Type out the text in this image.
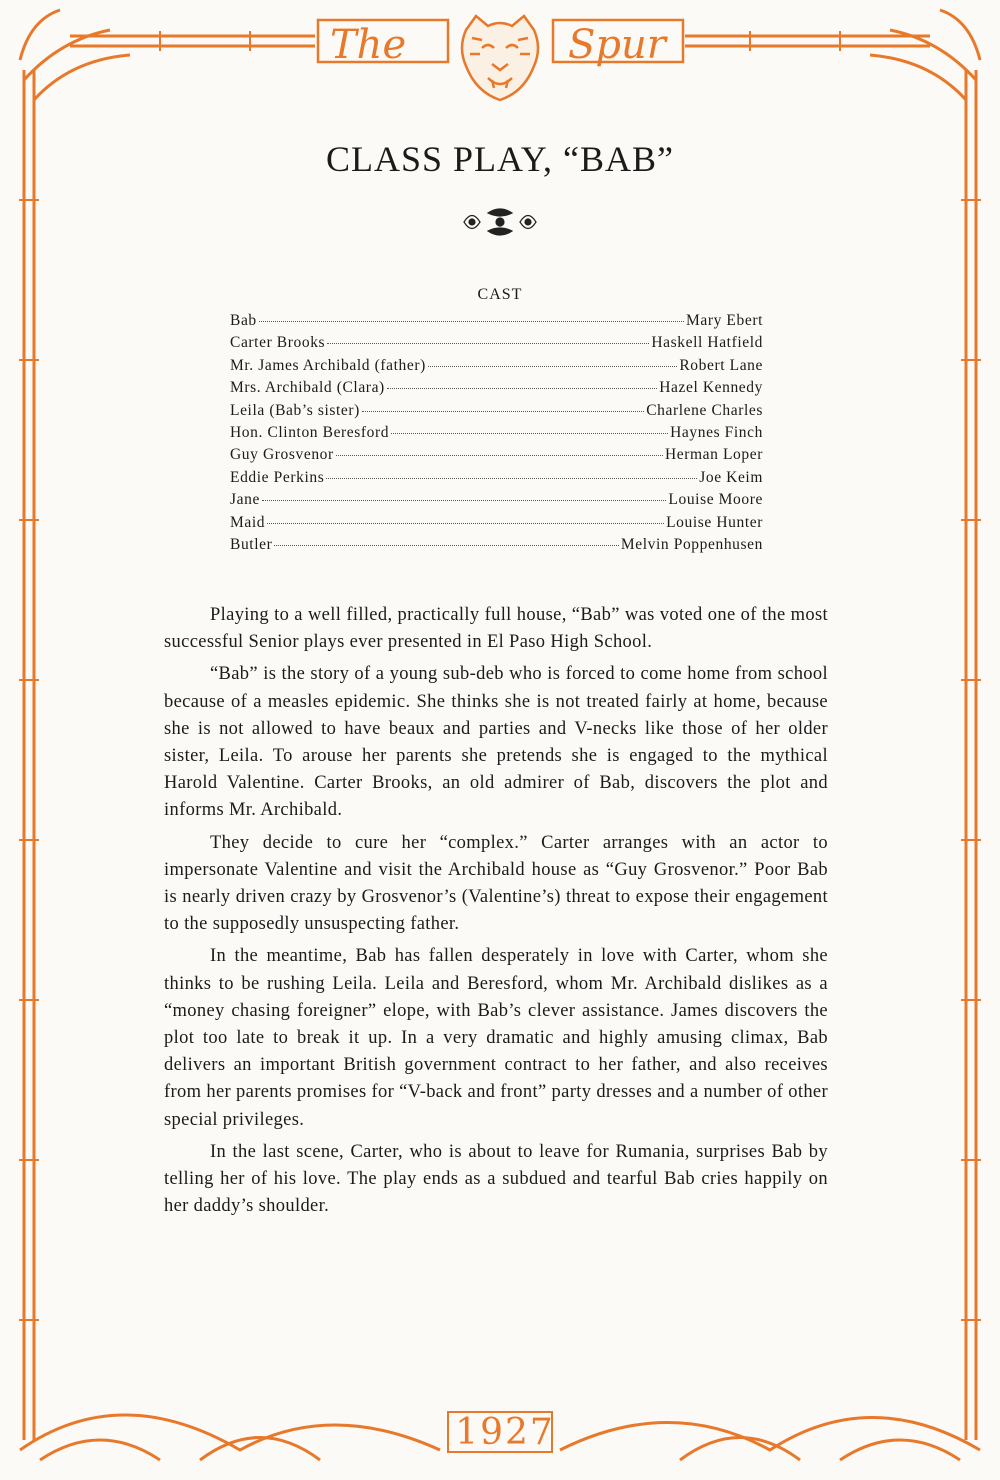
The	Spur
1927
CLASS PLAY, “BAB”
CAST
Bab	Mary Ebert
Carter Brooks	Haskell Hatfield
Mr. James Archibald (father)	Robert Lane
Mrs. Archibald (Clara)	Hazel Kennedy
Leila (Bab’s sister)	Charlene Charles
Hon. Clinton Beresford	Haynes Finch
Guy Grosvenor	Herman Loper
Eddie Perkins	Joe Keim
Jane	Louise Moore
Maid	Louise Hunter
Butler	Melvin Poppenhusen

Playing to a well filled, practically full house, “Bab” was voted one of the most successful Senior plays ever presented in El Paso High School.

“Bab” is the story of a young sub-deb who is forced to come home from school because of a measles epidemic. She thinks she is not treated fairly at home, because she is not allowed to have beaux and parties and V-necks like those of her older sister, Leila. To arouse her parents she pretends she is engaged to the mythical Harold Valentine. Carter Brooks, an old admirer of Bab, discovers the plot and informs Mr. Archibald.

They decide to cure her “complex.” Carter arranges with an actor to impersonate Valentine and visit the Archibald house as “Guy Grosvenor.” Poor Bab is nearly driven crazy by Grosvenor’s (Valentine’s) threat to expose their engagement to the supposedly unsuspecting father.

In the meantime, Bab has fallen desperately in love with Carter, whom she thinks to be rushing Leila. Leila and Beresford, whom Mr. Archibald dislikes as a “money chasing foreigner” elope, with Bab’s clever assistance. James discovers the plot too late to break it up. In a very dramatic and highly amusing climax, Bab delivers an important British government contract to her father, and also receives from her parents promises for “V-back and front” party dresses and a number of other special privileges.

In the last scene, Carter, who is about to leave for Rumania, surprises Bab by telling her of his love. The play ends as a subdued and tearful Bab cries happily on her daddy’s shoulder.
